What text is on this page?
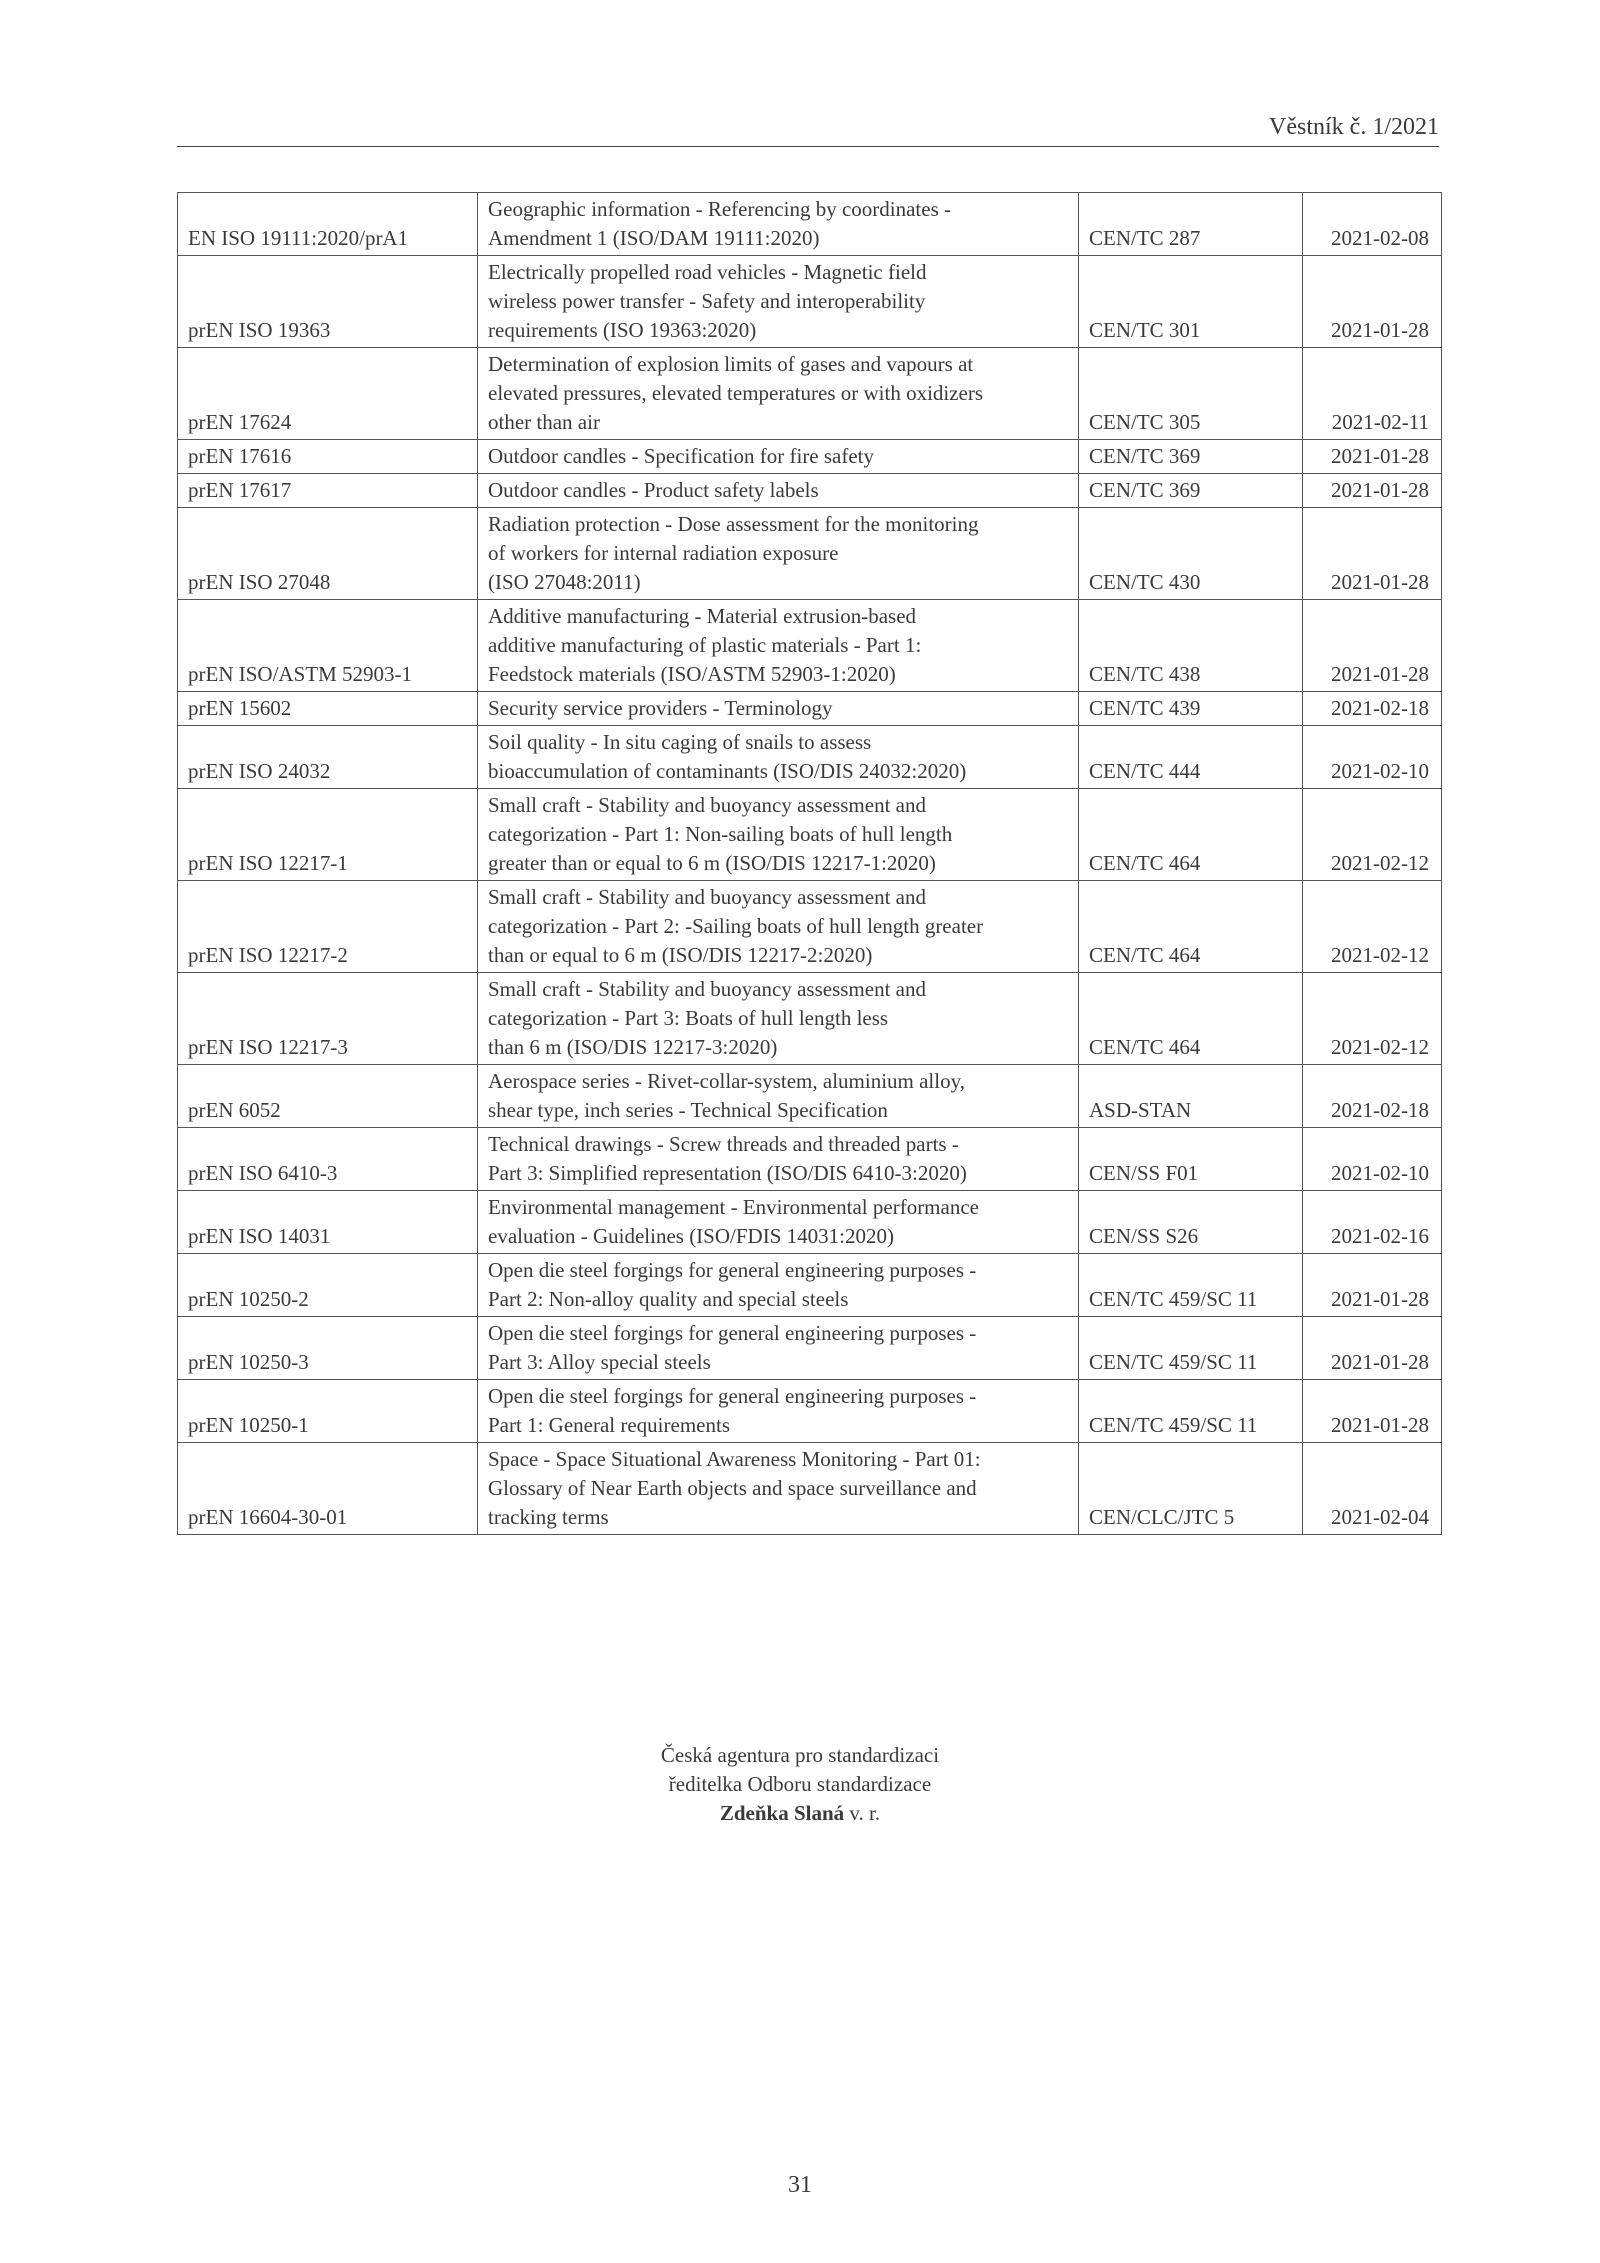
Věstník č. 1/2021
EN ISO 19111:2020/prA1	Geographic information - Referencing by coordinates -
Amendment 1 (ISO/DAM 19111:2020)	CEN/TC 287	2021-02-08
prEN ISO 19363	Electrically propelled road vehicles - Magnetic field
wireless power transfer - Safety and interoperability
requirements (ISO 19363:2020)	CEN/TC 301	2021-01-28
prEN 17624	Determination of explosion limits of gases and vapours at
elevated pressures, elevated temperatures or with oxidizers
other than air	CEN/TC 305	2021-02-11
prEN 17616	Outdoor candles - Specification for fire safety	CEN/TC 369	2021-01-28
prEN 17617	Outdoor candles - Product safety labels	CEN/TC 369	2021-01-28
prEN ISO 27048	Radiation protection - Dose assessment for the monitoring
of workers for internal radiation exposure
(ISO 27048:2011)	CEN/TC 430	2021-01-28
prEN ISO/ASTM 52903-1	Additive manufacturing - Material extrusion-based
additive manufacturing of plastic materials - Part 1:
Feedstock materials (ISO/ASTM 52903-1:2020)	CEN/TC 438	2021-01-28
prEN 15602	Security service providers - Terminology	CEN/TC 439	2021-02-18
prEN ISO 24032	Soil quality - In situ caging of snails to assess
bioaccumulation of contaminants (ISO/DIS 24032:2020)	CEN/TC 444	2021-02-10
prEN ISO 12217-1	Small craft - Stability and buoyancy assessment and
categorization - Part 1: Non-sailing boats of hull length
greater than or equal to 6 m (ISO/DIS 12217-1:2020)	CEN/TC 464	2021-02-12
prEN ISO 12217-2	Small craft - Stability and buoyancy assessment and
categorization - Part 2: -Sailing boats of hull length greater
than or equal to 6 m (ISO/DIS 12217-2:2020)	CEN/TC 464	2021-02-12
prEN ISO 12217-3	Small craft - Stability and buoyancy assessment and
categorization - Part 3: Boats of hull length less
than 6 m (ISO/DIS 12217-3:2020)	CEN/TC 464	2021-02-12
prEN 6052	Aerospace series - Rivet-collar-system, aluminium alloy,
shear type, inch series - Technical Specification	ASD-STAN	2021-02-18
prEN ISO 6410-3	Technical drawings - Screw threads and threaded parts -
Part 3: Simplified representation (ISO/DIS 6410-3:2020)	CEN/SS F01	2021-02-10
prEN ISO 14031	Environmental management - Environmental performance
evaluation - Guidelines (ISO/FDIS 14031:2020)	CEN/SS S26	2021-02-16
prEN 10250-2	Open die steel forgings for general engineering purposes -
Part 2: Non-alloy quality and special steels	CEN/TC 459/SC 11	2021-01-28
prEN 10250-3	Open die steel forgings for general engineering purposes -
Part 3: Alloy special steels	CEN/TC 459/SC 11	2021-01-28
prEN 10250-1	Open die steel forgings for general engineering purposes -
Part 1: General requirements	CEN/TC 459/SC 11	2021-01-28
prEN 16604-30-01	Space - Space Situational Awareness Monitoring - Part 01:
Glossary of Near Earth objects and space surveillance and
tracking terms	CEN/CLC/JTC 5	2021-02-04
Česká agentura pro standardizaci
ředitelka Odboru standardizace
Zdeňka Slaná v. r.
31
